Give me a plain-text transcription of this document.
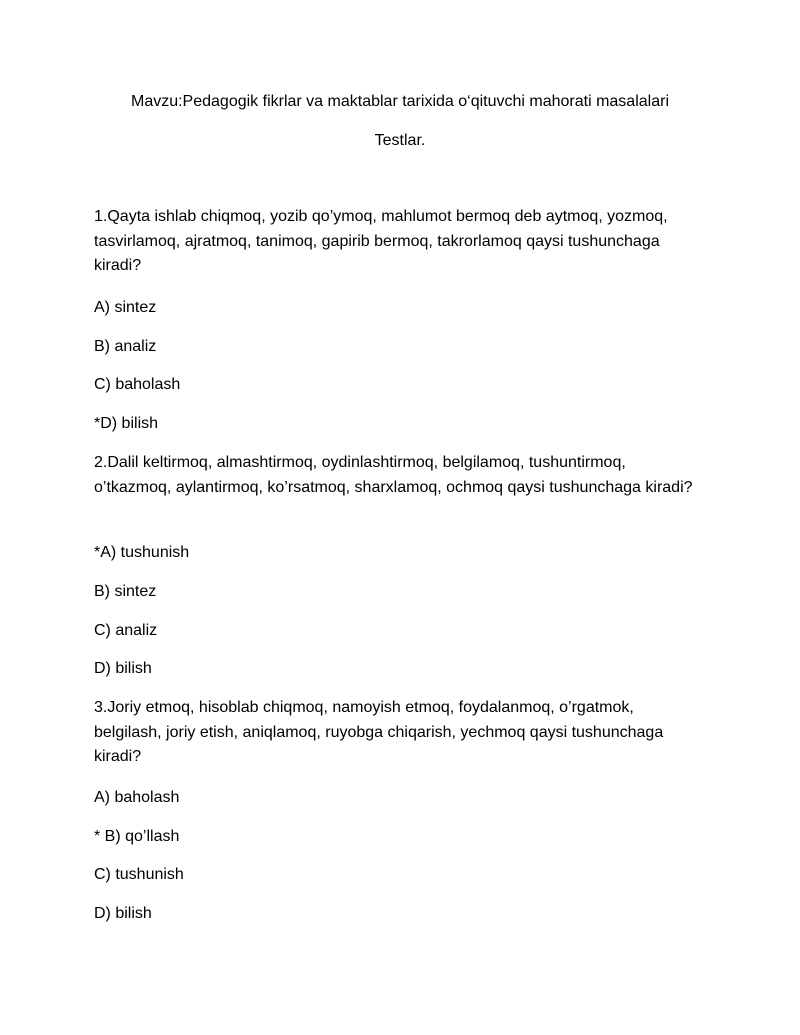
Mavzu:Pedagogik fikrlar va maktablar tarixida o‘qituvchi mahorati masalalari
Testlar.
1.Qayta ishlab chiqmoq, yozib qo’ymoq, mahlumot bermoq deb aytmoq, yozmoq, tasvirlamoq, ajratmoq, tanimoq, gapirib bermoq, takrorlamoq qaysi tushunchaga kiradi?
A) sintez
B) analiz
C) baholash
*D) bilish
2.Dalil keltirmoq, almashtirmoq, oydinlashtirmoq, belgilamoq, tushuntirmoq, o’tkazmoq, aylantirmoq, ko’rsatmoq, sharxlamoq, ochmoq qaysi tushunchaga kiradi?
*A) tushunish
B) sintez
C) analiz
D) bilish
3.Joriy etmoq, hisoblab chiqmoq, namoyish etmoq, foydalanmoq, o’rgatmok, belgilash, joriy etish, aniqlamoq, ruyobga chiqarish, yechmoq qaysi tushunchaga kiradi?
A) baholash
* B) qo’llash
C) tushunish
D) bilish
